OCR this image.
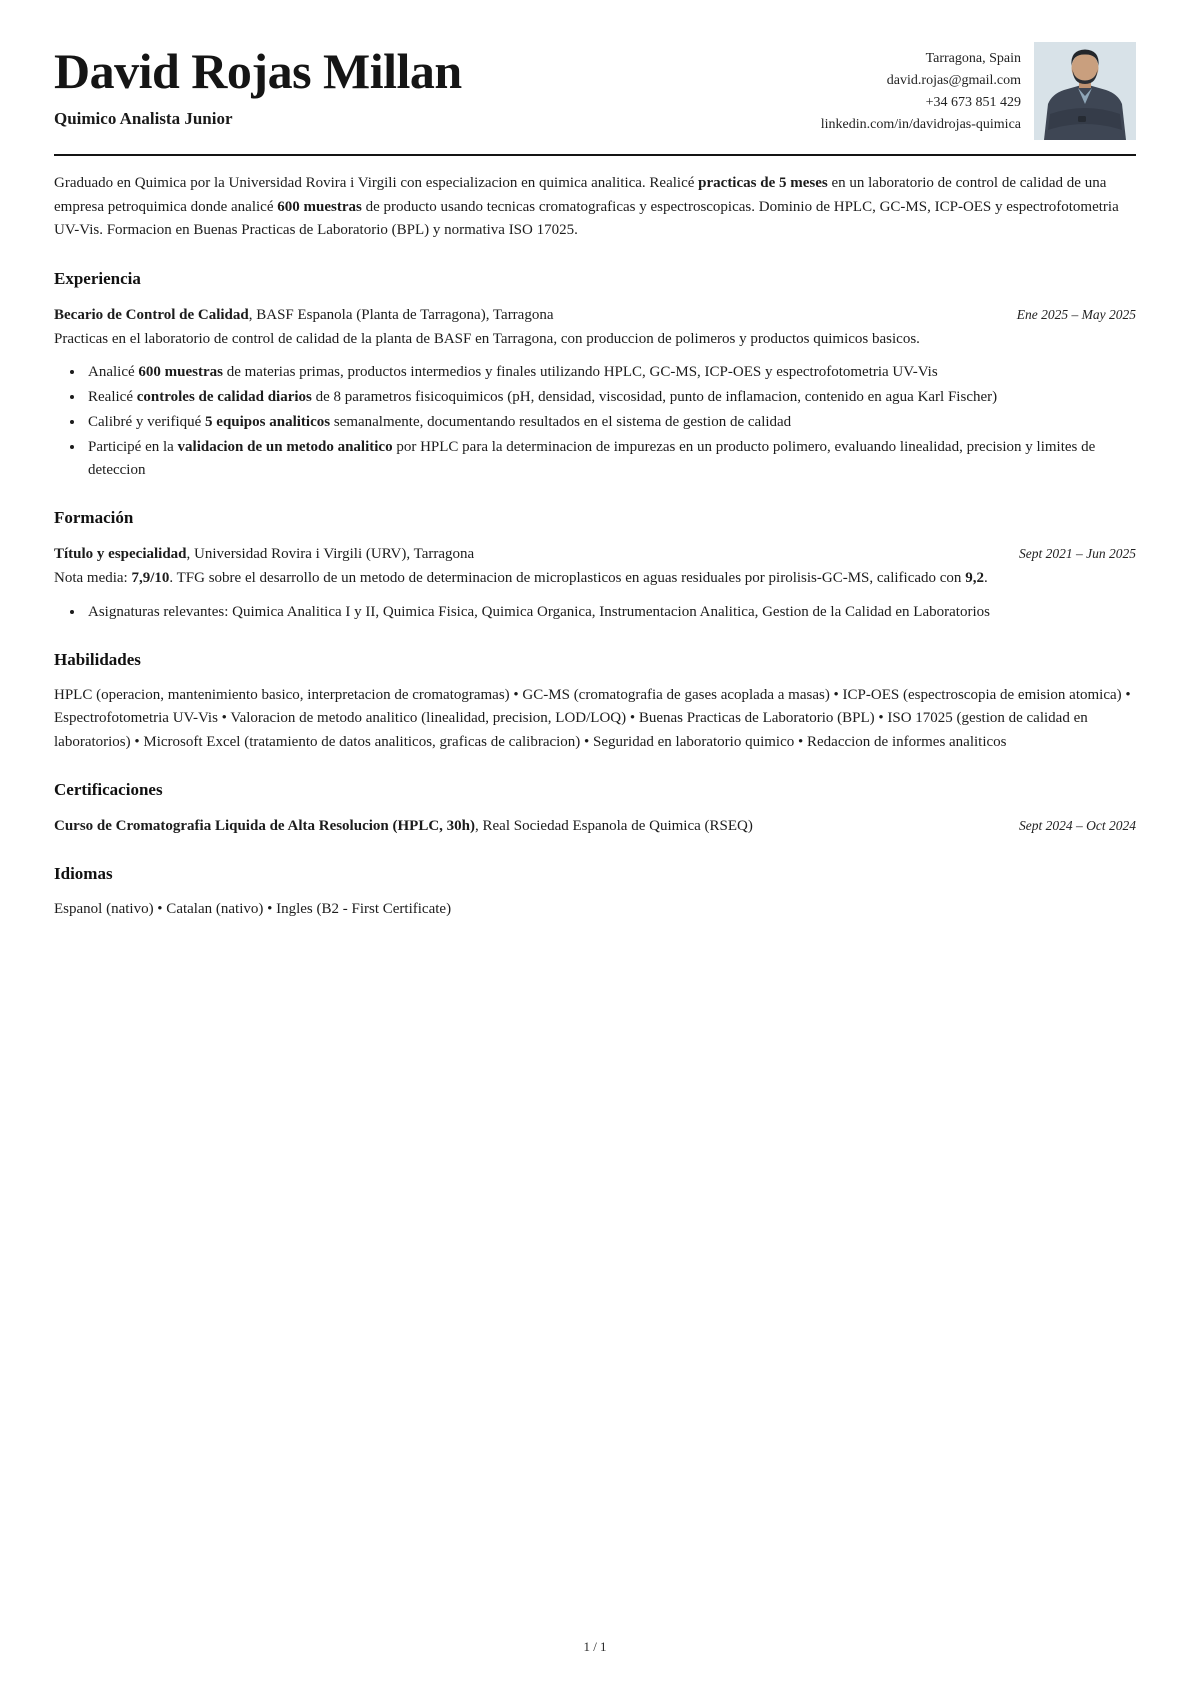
David Rojas Millan
Quimico Analista Junior
Tarragona, Spain
david.rojas@gmail.com
+34 673 851 429
linkedin.com/in/davidrojas-quimica

Graduado en Quimica por la Universidad Rovira i Virgili con especializacion en quimica analitica. Realicé practicas de 5 meses en un laboratorio de control de calidad de una empresa petroquimica donde analicé 600 muestras de producto usando tecnicas cromatograficas y espectroscopicas. Dominio de HPLC, GC-MS, ICP-OES y espectrofotometria UV-Vis. Formacion en Buenas Practicas de Laboratorio (BPL) y normativa ISO 17025.

Experiencia
Becario de Control de Calidad, BASF Espanola (Planta de Tarragona), Tarragona	Ene 2025 – May 2025

Practicas en el laboratorio de control de calidad de la planta de BASF en Tarragona, con produccion de polimeros y productos quimicos basicos.

• Analicé 600 muestras de materias primas, productos intermedios y finales utilizando HPLC, GC-MS, ICP-OES y espectrofotometria UV-Vis
• Realicé controles de calidad diarios de 8 parametros fisicoquimicos (pH, densidad, viscosidad, punto de inflamacion, contenido en agua Karl Fischer)
• Calibré y verifiqué 5 equipos analiticos semanalmente, documentando resultados en el sistema de gestion de calidad
• Participé en la validacion de un metodo analitico por HPLC para la determinacion de impurezas en un producto polimero, evaluando linealidad, precision y limites de deteccion
Formación
Título y especialidad, Universidad Rovira i Virgili (URV), Tarragona	Sept 2021 – Jun 2025

Nota media: 7,9/10. TFG sobre el desarrollo de un metodo de determinacion de microplasticos en aguas residuales por pirolisis-GC-MS, calificado con 9,2.

• Asignaturas relevantes: Quimica Analitica I y II, Quimica Fisica, Quimica Organica, Instrumentacion Analitica, Gestion de la Calidad en Laboratorios
Habilidades

HPLC (operacion, mantenimiento basico, interpretacion de cromatogramas) • GC-MS (cromatografia de gases acoplada a masas) • ICP-OES (espectroscopia de emision atomica) • Espectrofotometria UV-Vis • Valoracion de metodo analitico (linealidad, precision, LOD/LOQ) • Buenas Practicas de Laboratorio (BPL) • ISO 17025 (gestion de calidad en laboratorios) • Microsoft Excel (tratamiento de datos analiticos, graficas de calibracion) • Seguridad en laboratorio quimico • Redaccion de informes analiticos

Certificaciones
Curso de Cromatografia Liquida de Alta Resolucion (HPLC, 30h), Real Sociedad Espanola de Quimica (RSEQ)	Sept 2024 – Oct 2024
Idiomas

Espanol (nativo) • Catalan (nativo) • Ingles (B2 - First Certificate)

1 / 1
